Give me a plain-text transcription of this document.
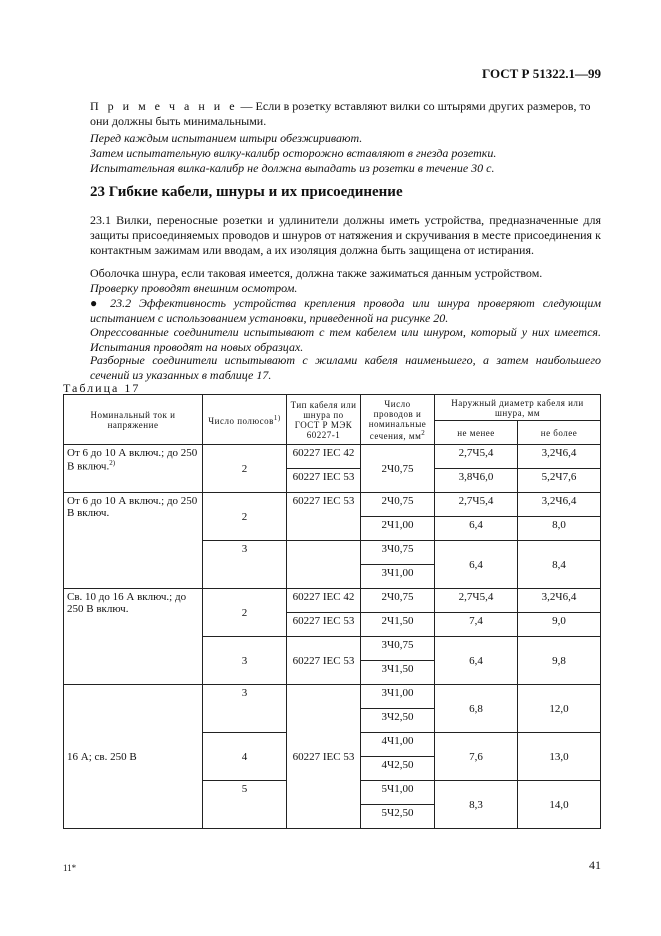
ГОСТ Р 51322.1—99
П р и м е ч а н и е — Если в розетку вставляют вилки со штырями других размеров, то они должны быть минимальными.
Перед каждым испытанием штыри обезжиривают.
Затем испытательную вилку-калибр осторожно вставляют в гнезда розетки.
Испытательная вилка-калибр не должна выпадать из розетки в течение 30 с.
23 Гибкие кабели, шнуры и их присоединение
23.1 Вилки, переносные розетки и удлинители должны иметь устройства, предназначенные для защиты присоединяемых проводов и шнуров от натяжения и скручивания в месте присоединения к контактным зажимам или вводам, а их изоляция должна быть защищена от истирания.
Оболочка шнура, если таковая имеется, должна также зажиматься данным устройством.
Проверку проводят внешним осмотром.
● 23.2 Эффективность устройства крепления провода или шнура проверяют следующим испытанием с использованием установки, приведенной на рисунке 20.
Опрессованные соединители испытывают с тем кабелем или шнуром, который у них имеется. Испытания проводят на новых образцах.
Разборные соединители испытывают с жилами кабеля наименьшего, а затем наибольшего сечений из указанных в таблице 17.
Таблица 17
Номинальный ток и напряжение	Число полюсов$^{1)}$	Тип кабеля или шнура по ГОСТ Р МЭК 60227-1	Число проводов и номинальные сечения, $мм^2$	Наружный диаметр кабеля или шнура, мм	
				не менее	не более
От 6 до 10 А включ.; до 250 В включ.$^{2)}$	2	60227 IEC 42	2Ч0,75	2,7Ч5,4	3,2Ч6,4
		60227 IEC 53		3,8Ч6,0	5,2Ч7,6
От 6 до 10 А включ.; до 250 В включ.	2	60227 IEC 53	2Ч0,75	2,7Ч5,4	3,2Ч6,4
			2Ч1,00	6,4	8,0
	3		3Ч0,75	6,4	8,4
			3Ч1,00		
Св. 10 до 16 А включ.; до 250 В включ.	2	60227 IEC 42	2Ч0,75	2,7Ч5,4	3,2Ч6,4
		60227 IEC 53	2Ч1,50	7,4	9,0
	3	60227 IEC 53	3Ч0,75	6,4	9,8
			3Ч1,50		
16 А; св. 250 В	3	60227 IEC 53	3Ч1,00	6,8	12,0
			3Ч2,50		
	4		4Ч1,00	7,6	13,0
			4Ч2,50		
	5		5Ч1,00	8,3	14,0
			5Ч2,50		
11*	41
